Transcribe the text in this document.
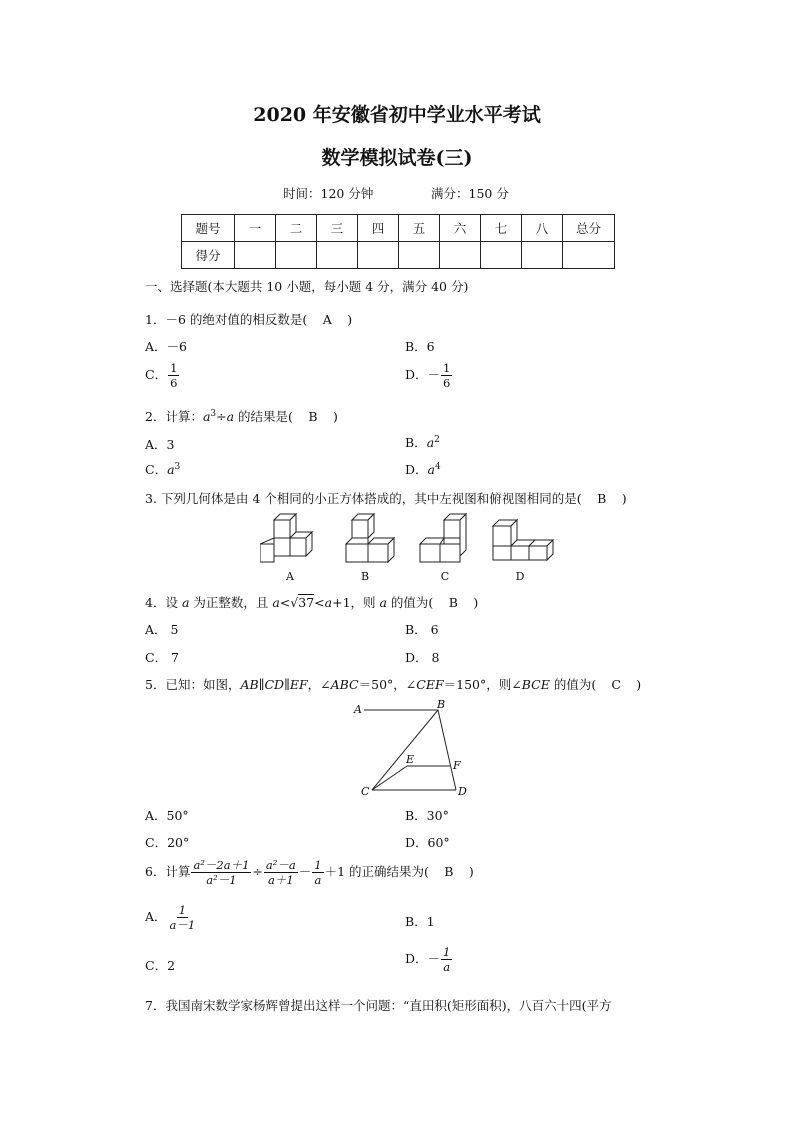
2020 年安徽省初中学业水平考试
数学模拟试卷(三)
时间：120 分钟	满分：150 分
题号	一	二	三	四	五	六	七	八	总分
得分									
一、选择题(本大题共 10 小题，每小题 4 分，满分 40 分)
1．－6 的绝对值的相反数是( A )
A．－6	B．6
C． $\frac{1}{6}$	D．－ $\frac{1}{6}$
2．计算：$a^3\div a$ 的结果是( B )
A．3	B．$a^2$
C．$a^3$	D．$a^4$
3. 下列几何体是由 4 个相同的小正方体搭成的，其中左视图和俯视图相同的是( B )
A	B	C	D
4．设 a 为正整数，且 a<√37<a+1，则 a 的值为( B )
A． 5	B． 6
C． 7	D． 8
5．已知：如图，AB∥CD∥EF，∠ABC＝50°，∠CEF＝150°，则∠BCE 的值为( C )
A	B
E	F
C	D
A．50°	B．30°
C．20°	D．60°
6．计算 $\frac{\text{a²－2a＋1}}{\text{a²－1}} \div \frac{\text{a²－a}}{a+1} - \frac{1}{a} +1$ 的正确结果为( B )
A． $\frac{1}{a-1}$	B．1
C．2	D．－ $\frac{1}{a}$
7．我国南宋数学家杨辉曾提出这样一个问题：“直田积(矩形面积)，八百六十四(平方
